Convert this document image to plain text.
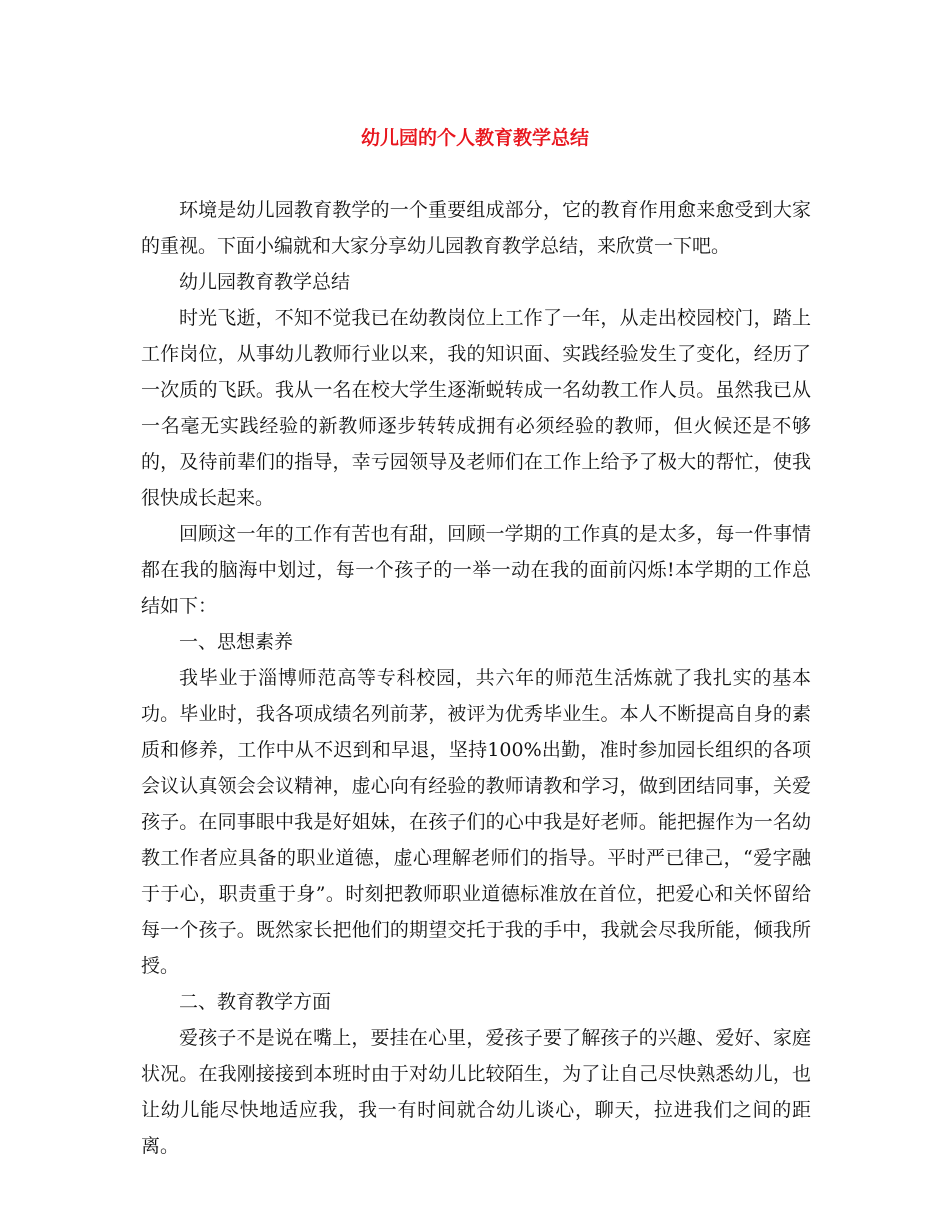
幼儿园的个人教育教学总结

环境是幼儿园教育教学的一个重要组成部分，它的教育作用愈来愈受到大家的重视。下面小编就和大家分享幼儿园教育教学总结，来欣赏一下吧。

幼儿园教育教学总结

时光飞逝，不知不觉我已在幼教岗位上工作了一年，从走出校园校门，踏上工作岗位，从事幼儿教师行业以来，我的知识面、实践经验发生了变化，经历了一次质的飞跃。我从一名在校大学生逐渐蜕转成一名幼教工作人员。虽然我已从一名毫无实践经验的新教师逐步转转成拥有必须经验的教师，但火候还是不够的，及待前辈们的指导，幸亏园领导及老师们在工作上给予了极大的帮忙，使我很快成长起来。

回顾这一年的工作有苦也有甜，回顾一学期的工作真的是太多，每一件事情都在我的脑海中划过，每一个孩子的一举一动在我的面前闪烁!本学期的工作总结如下：

一、思想素养

我毕业于淄博师范高等专科校园，共六年的师范生活炼就了我扎实的基本功。毕业时，我各项成绩名列前茅，被评为优秀毕业生。本人不断提高自身的素质和修养，工作中从不迟到和早退，坚持100%出勤，准时参加园长组织的各项会议认真领会会议精神，虚心向有经验的教师请教和学习，做到团结同事，关爱孩子。在同事眼中我是好姐妹，在孩子们的心中我是好老师。能把握作为一名幼教工作者应具备的职业道德，虚心理解老师们的指导。平时严已律己，“爱字融于于心，职责重于身”。时刻把教师职业道德标准放在首位，把爱心和关怀留给每一个孩子。既然家长把他们的期望交托于我的手中，我就会尽我所能，倾我所授。

二、教育教学方面

爱孩子不是说在嘴上，要挂在心里，爱孩子要了解孩子的兴趣、爱好、家庭状况。在我刚接接到本班时由于对幼儿比较陌生，为了让自己尽快熟悉幼儿，也让幼儿能尽快地适应我，我一有时间就合幼儿谈心，聊天，拉进我们之间的距离。
